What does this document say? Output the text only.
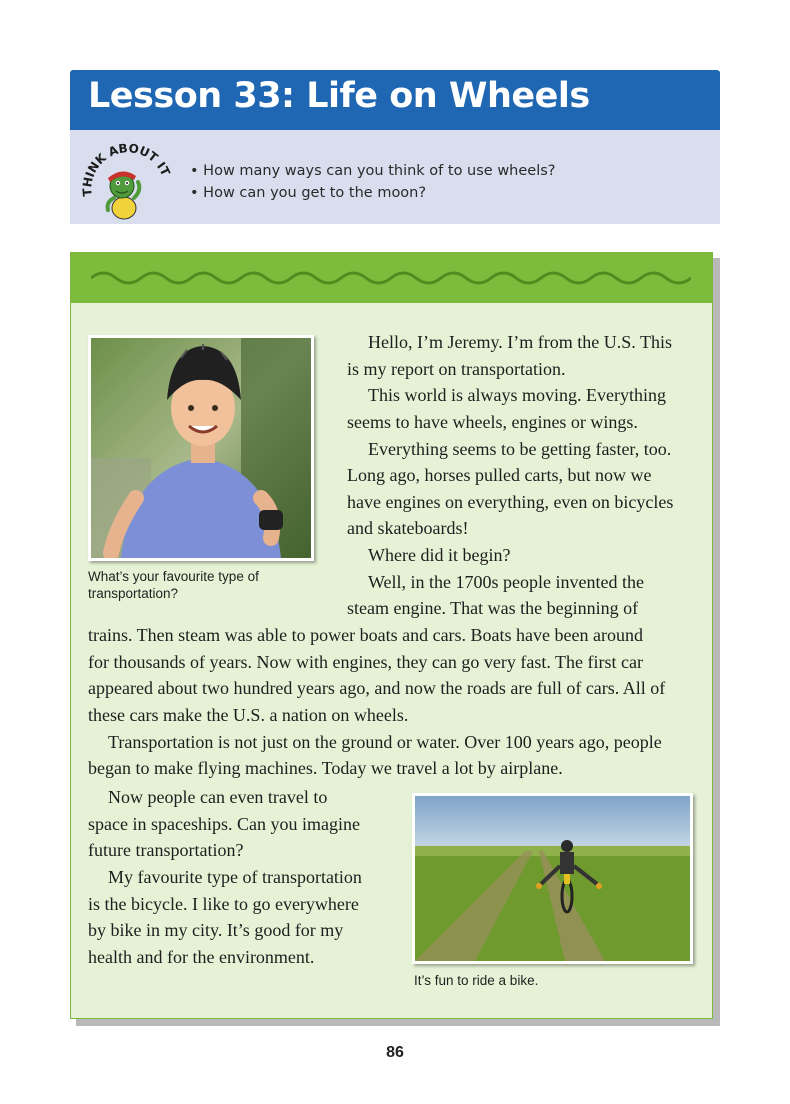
Lesson 33: Life on Wheels
THINK ABOUT IT
•	How many ways can you think of to use wheels?
• How can you get to the moon?
What’s your favourite type of transportation?
Hello, I’m Jeremy. I’m from the U.S. This
is my report on transportation.
This world is always moving. Everything
seems to have wheels, engines or wings.
Everything seems to be getting faster, too.
Long ago, horses pulled carts, but now we
have engines on everything, even on bicycles
and skateboards!
Where did it begin?
Well, in the 1700s people invented the
steam engine. That was the beginning of
trains. Then steam was able to power boats and cars. Boats have been around
for thousands of years. Now with engines, they can go very fast. The first car
appeared about two hundred years ago, and now the roads are full of cars. All of
these cars make the U.S. a nation on wheels.
Transportation is not just on the ground or water. Over 100 years ago, people
began to make flying machines. Today we travel a lot by airplane.
Now people can even travel to
space in spaceships. Can you imagine
future transportation?
My favourite type of transportation
is the bicycle. I like to go everywhere
by bike in my city. It’s good for my
health and for the environment.
It’s fun to ride a bike.
86
